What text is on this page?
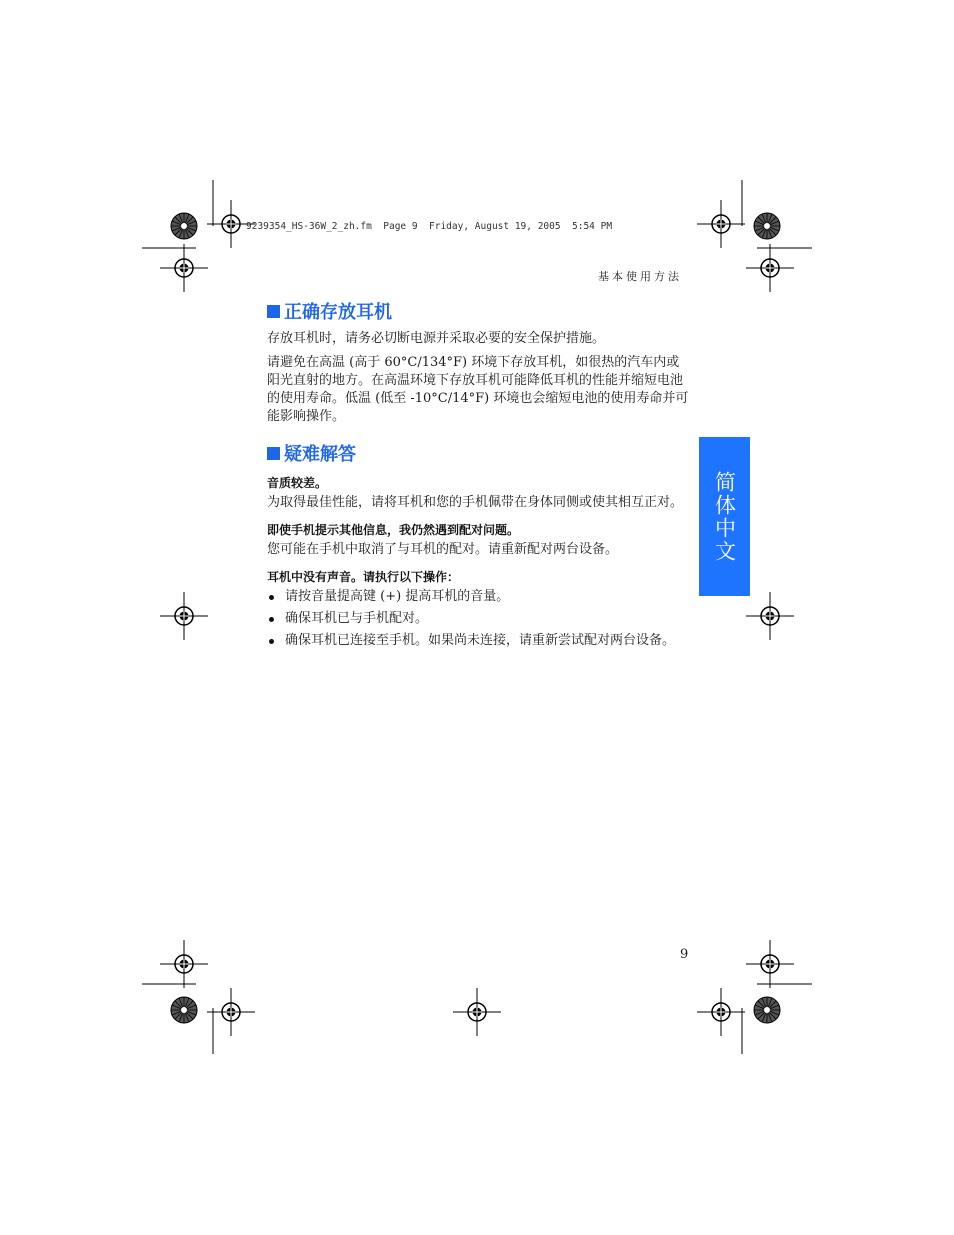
9239354_HS-36W_2_zh.fm  Page 9  Friday, August 19, 2005  5:54 PM
基本使用方法
简体中文
正确存放耳机

存放耳机时，请务必切断电源并采取必要的安全保护措施。

请避免在高温 (高于 60°C/134°F) 环境下存放耳机，如很热的汽车内或阳光直射的地方。在高温环境下存放耳机可能降低耳机的性能并缩短电池的使用寿命。低温 (低至 -10°C/14°F) 环境也会缩短电池的使用寿命并可能影响操作。

疑难解答

音质较差。

为取得最佳性能，请将耳机和您的手机佩带在身体同侧或使其相互正对。

即使手机提示其他信息，我仍然遇到配对问题。

您可能在手机中取消了与耳机的配对。请重新配对两台设备。

耳机中没有声音。请执行以下操作：

请按音量提高键 (+) 提高耳机的音量。
确保耳机已与手机配对。
确保耳机已连接至手机。如果尚未连接，请重新尝试配对两台设备。
9
